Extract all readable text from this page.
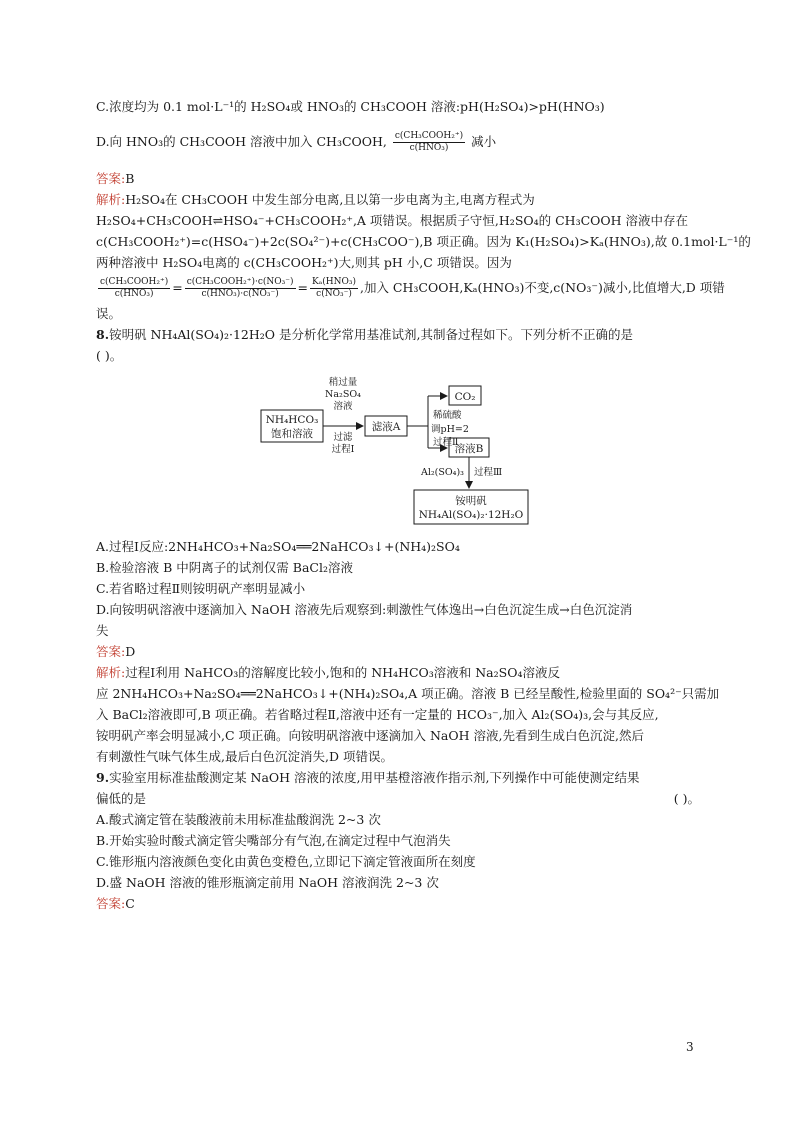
C.浓度均为 0.1 mol·L⁻¹的 H₂SO₄或 HNO₃的 CH₃COOH 溶液:pH(H₂SO₄)>pH(HNO₃)
D.向 HNO₃的 CH₃COOH 溶液中加入 CH₃COOH, $\frac{\text{c(CH₃COOH₂⁺)}}{\text{c(HNO₃)}}$ 减小
答案:B
解析:H₂SO₄在 CH₃COOH 中发生部分电离,且以第一步电离为主,电离方程式为
H₂SO₄+CH₃COOH⇌HSO₄⁻+CH₃COOH₂⁺,A 项错误。根据质子守恒,H₂SO₄的 CH₃COOH 溶液中存在
c(CH₃COOH₂⁺)=c(HSO₄⁻)+2c(SO₄²⁻)+c(CH₃COO⁻),B 项正确。因为 K₁(H₂SO₄)>Kₐ(HNO₃),故 0.1mol·L⁻¹的
两种溶液中 H₂SO₄电离的 c(CH₃COOH₂⁺)大,则其 pH 小,C 项错误。因为
$\frac{\text{c(CH₃COOH₂⁺)}}{\text{c(HNO₃)}} = \frac{\text{c(CH₃COOH₂⁺)·c(NO₃⁻)}}{\text{c(HNO₃)·c(NO₃⁻)}} = \frac{\text{Kₐ(HNO₃)}}{\text{c(NO₃⁻)}}$ ,加入 CH₃COOH,Kₐ(HNO₃)不变,c(NO₃⁻)减小,比值增大,D 项错
误。
8.铵明矾 NH₄Al(SO₄)₂·12H₂O 是分析化学常用基准试剂,其制备过程如下。下列分析不正确的是
( )。
NH₄HCO₃
饱和溶液
稍过量
Na₂SO₄
溶液
过滤
过程Ⅰ
滤液A
稀硫酸
调pH=2
过程Ⅱ
CO₂
溶液B
Al₂(SO₄)₃ 过程Ⅲ
铵明矾
NH₄Al(SO₄)₂·12H₂O
A.过程Ⅰ反应:2NH₄HCO₃+Na₂SO₄══2NaHCO₃↓+(NH₄)₂SO₄
B.检验溶液 B 中阴离子的试剂仅需 BaCl₂溶液
C.若省略过程Ⅱ则铵明矾产率明显减小
D.向铵明矾溶液中逐滴加入 NaOH 溶液先后观察到:刺激性气体逸出→白色沉淀生成→白色沉淀消
失
答案:D
解析:过程Ⅰ利用 NaHCO₃的溶解度比较小,饱和的 NH₄HCO₃溶液和 Na₂SO₄溶液反
应 2NH₄HCO₃+Na₂SO₄══2NaHCO₃↓+(NH₄)₂SO₄,A 项正确。溶液 B 已经呈酸性,检验里面的 SO₄²⁻只需加
入 BaCl₂溶液即可,B 项正确。若省略过程Ⅱ,溶液中还有一定量的 HCO₃⁻,加入 Al₂(SO₄)₃,会与其反应,
铵明矾产率会明显减小,C 项正确。向铵明矾溶液中逐滴加入 NaOH 溶液,先看到生成白色沉淀,然后
有刺激性气味气体生成,最后白色沉淀消失,D 项错误。
9.实验室用标准盐酸测定某 NaOH 溶液的浓度,用甲基橙溶液作指示剂,下列操作中可能使测定结果
偏低的是	( )。
A.酸式滴定管在装酸液前未用标准盐酸润洗 2~3 次
B.开始实验时酸式滴定管尖嘴部分有气泡,在滴定过程中气泡消失
C.锥形瓶内溶液颜色变化由黄色变橙色,立即记下滴定管液面所在刻度
D.盛 NaOH 溶液的锥形瓶滴定前用 NaOH 溶液润洗 2~3 次
答案:C
3
